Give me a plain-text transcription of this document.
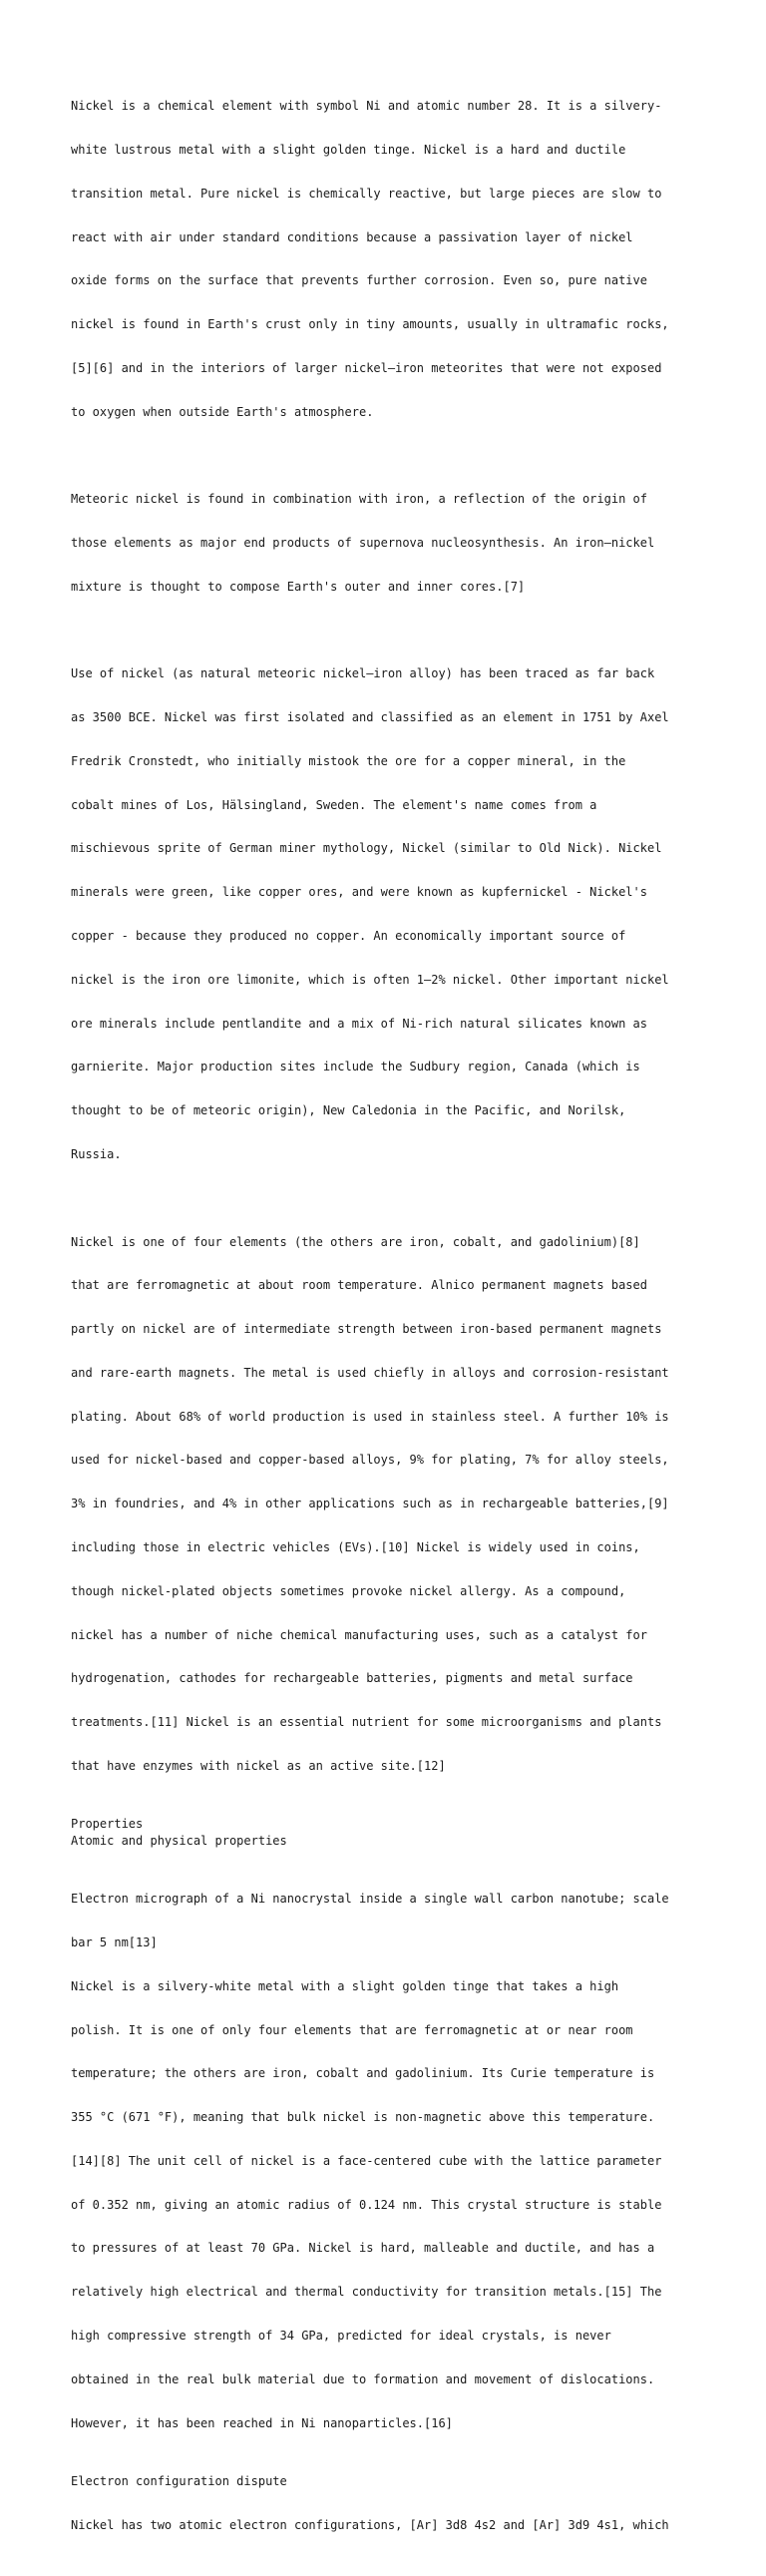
Nickel is a chemical element with symbol Ni and atomic number 28. It is a silvery-

white lustrous metal with a slight golden tinge. Nickel is a hard and ductile

transition metal. Pure nickel is chemically reactive, but large pieces are slow to

react with air under standard conditions because a passivation layer of nickel

oxide forms on the surface that prevents further corrosion. Even so, pure native

nickel is found in Earth's crust only in tiny amounts, usually in ultramafic rocks,

[5][6] and in the interiors of larger nickel–iron meteorites that were not exposed

to oxygen when outside Earth's atmosphere.

Meteoric nickel is found in combination with iron, a reflection of the origin of

those elements as major end products of supernova nucleosynthesis. An iron–nickel

mixture is thought to compose Earth's outer and inner cores.[7]

Use of nickel (as natural meteoric nickel–iron alloy) has been traced as far back

as 3500 BCE. Nickel was first isolated and classified as an element in 1751 by Axel

Fredrik Cronstedt, who initially mistook the ore for a copper mineral, in the

cobalt mines of Los, Hälsingland, Sweden. The element's name comes from a

mischievous sprite of German miner mythology, Nickel (similar to Old Nick). Nickel

minerals were green, like copper ores, and were known as kupfernickel - Nickel's

copper - because they produced no copper. An economically important source of

nickel is the iron ore limonite, which is often 1–2% nickel. Other important nickel

ore minerals include pentlandite and a mix of Ni-rich natural silicates known as

garnierite. Major production sites include the Sudbury region, Canada (which is

thought to be of meteoric origin), New Caledonia in the Pacific, and Norilsk,

Russia.

Nickel is one of four elements (the others are iron, cobalt, and gadolinium)[8]

that are ferromagnetic at about room temperature. Alnico permanent magnets based

partly on nickel are of intermediate strength between iron-based permanent magnets

and rare-earth magnets. The metal is used chiefly in alloys and corrosion-resistant

plating. About 68% of world production is used in stainless steel. A further 10% is

used for nickel-based and copper-based alloys, 9% for plating, 7% for alloy steels,

3% in foundries, and 4% in other applications such as in rechargeable batteries,[9]

including those in electric vehicles (EVs).[10] Nickel is widely used in coins,

though nickel-plated objects sometimes provoke nickel allergy. As a compound,

nickel has a number of niche chemical manufacturing uses, such as a catalyst for

hydrogenation, cathodes for rechargeable batteries, pigments and metal surface

treatments.[11] Nickel is an essential nutrient for some microorganisms and plants

that have enzymes with nickel as an active site.[12]

Properties
Atomic and physical properties

Electron micrograph of a Ni nanocrystal inside a single wall carbon nanotube; scale

bar 5 nm[13]

Nickel is a silvery-white metal with a slight golden tinge that takes a high

polish. It is one of only four elements that are ferromagnetic at or near room

temperature; the others are iron, cobalt and gadolinium. Its Curie temperature is

355 °C (671 °F), meaning that bulk nickel is non-magnetic above this temperature.

[14][8] The unit cell of nickel is a face-centered cube with the lattice parameter

of 0.352 nm, giving an atomic radius of 0.124 nm. This crystal structure is stable

to pressures of at least 70 GPa. Nickel is hard, malleable and ductile, and has a

relatively high electrical and thermal conductivity for transition metals.[15] The

high compressive strength of 34 GPa, predicted for ideal crystals, is never

obtained in the real bulk material due to formation and movement of dislocations.

However, it has been reached in Ni nanoparticles.[16]

Electron configuration dispute

Nickel has two atomic electron configurations, [Ar] 3d8 4s2 and [Ar] 3d9 4s1, which
